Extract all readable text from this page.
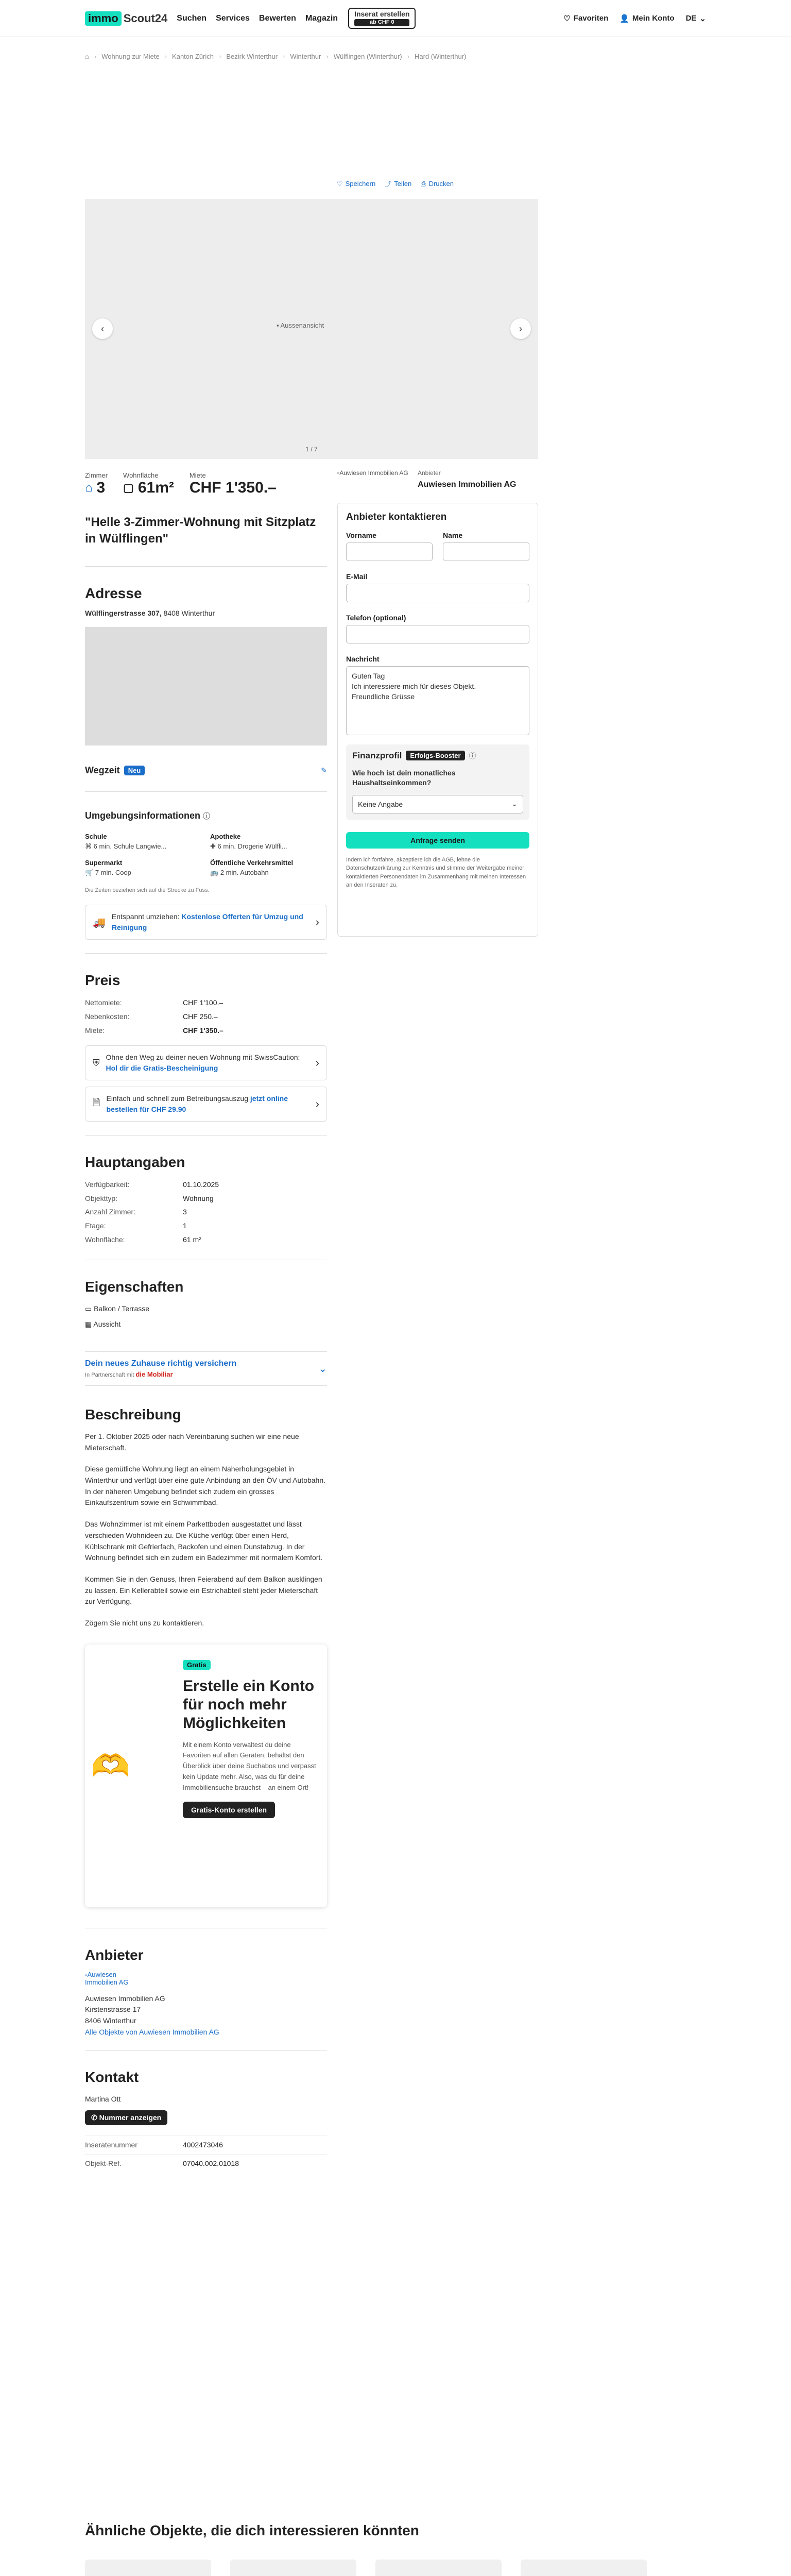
immo Scout24 Suchen Services Bewerten Magazin	Inserat erstellen
ab CHF 0	♡ Favoriten 👤 Mein Konto DE ⌄
⌂ › Wohnung zur Miete › Kanton Zürich › Bezirk Winterthur › Winterthur › Wülflingen (Winterthur) › Hard (Winterthur)
♡ Speichern ⤴ Teilen ⎙ Drucken
▪ Aussenansicht
‹	›
1 / 7
Zimmer
⌂ 3
Wohnfläche
▢ 61m²
Miete
CHF 1'350.–
"Helle 3-Zimmer-Wohnung mit Sitzplatz in Wülflingen"
Adresse
Wülflingerstrasse 307, 8408 Winterthur
Wegzeit	Neu	✎
Umgebungsinformationen ⓘ
Schule
⌘ 6 min. Schule Langwie...
Apotheke
✚ 6 min. Drogerie Wülfli...
Supermarkt
🛒 7 min. Coop
Öffentliche Verkehrsmittel
🚌 2 min. Autobahn
Die Zeiten beziehen sich auf die Strecke zu Fuss.
🚚
Entspannt umziehen: Kostenlose Offerten für Umzug und Reinigung	›
Preis
Nettomiete:	CHF 1'100.–
Nebenkosten:	CHF 250.–
Miete:	CHF 1'350.–
⛨
Ohne den Weg zu deiner neuen Wohnung mit SwissCaution: Hol dir die Gratis-Bescheinigung	›
🗎 Einfach und schnell zum Betreibungsauszug jetzt online bestellen für CHF 29.90	›
Hauptangaben
Verfügbarkeit:	01.10.2025
Objekttyp:	Wohnung
Anzahl Zimmer:	3
Etage:	1
Wohnfläche:	61 m²
Eigenschaften
▭ Balkon / Terrasse
▦ Aussicht
Dein neues Zuhause richtig versichern
In Partnerschaft mit die Mobiliar	⌄
Beschreibung

Per 1. Oktober 2025 oder nach Vereinbarung suchen wir eine neue Mieterschaft.

Diese gemütliche Wohnung liegt an einem Naherholungsgebiet in Winterthur und verfügt über eine gute Anbindung an den ÖV und Autobahn. In der näheren Umgebung befindet sich zudem ein grosses Einkaufszentrum sowie ein Schwimmbad.

Das Wohnzimmer ist mit einem Parkettboden ausgestattet und lässt verschieden Wohnideen zu. Die Küche verfügt über einen Herd, Kühlschrank mit Gefrierfach, Backofen und einen Dunstabzug. In der Wohnung befindet sich ein zudem ein Badezimmer mit normalem Komfort.

Kommen Sie in den Genuss, Ihren Feierabend auf dem Balkon ausklingen zu lassen. Ein Kellerabteil sowie ein Estrichabteil steht jeder Mieterschaft zur Verfügung.

Zögern Sie nicht uns zu kontaktieren.

🫶
Gratis
Erstelle ein Konto für noch mehr Möglichkeiten
Mit einem Konto verwaltest du deine Favoriten auf allen Geräten, behältst den Überblick über deine Suchabos und verpasst kein Update mehr. Also, was du für deine Immobiliensuche brauchst – an einem Ort!
Gratis-Konto erstellen
Anbieter
▫Auwiesen Immobilien AG
Auwiesen Immobilien AG
Kirstenstrasse 17
8406 Winterthur
Alle Objekte von Auwiesen Immobilien AG
Kontakt
Martina Ott
✆ Nummer anzeigen
Inseratenummer	4002473046
Objekt-Ref.	07040.002.01018
▫Auwiesen Immobilien AG Anbieter
Auwiesen Immobilien AG
Anbieter kontaktieren
Vorname	Name
E-Mail
Telefon (optional)
Nachricht
Guten Tag
Ich interessiere mich für dieses Objekt.
Freundliche Grüsse
Finanzprofil	Erfolgs-Booster	ⓘ
Wie hoch ist dein monatliches Haushaltseinkommen?
Keine Angabe	⌄
Anfrage senden
Indem ich fortfahre, akzeptiere ich die AGB, lehne die Datenschutzerklärung zur Kenntnis und stimme der Weitergabe meiner kontaktierten Personendaten im Zusammenhang mit meinen Interessen an den Inseraten zu.
Ähnliche Objekte, die dich interessieren könnten
